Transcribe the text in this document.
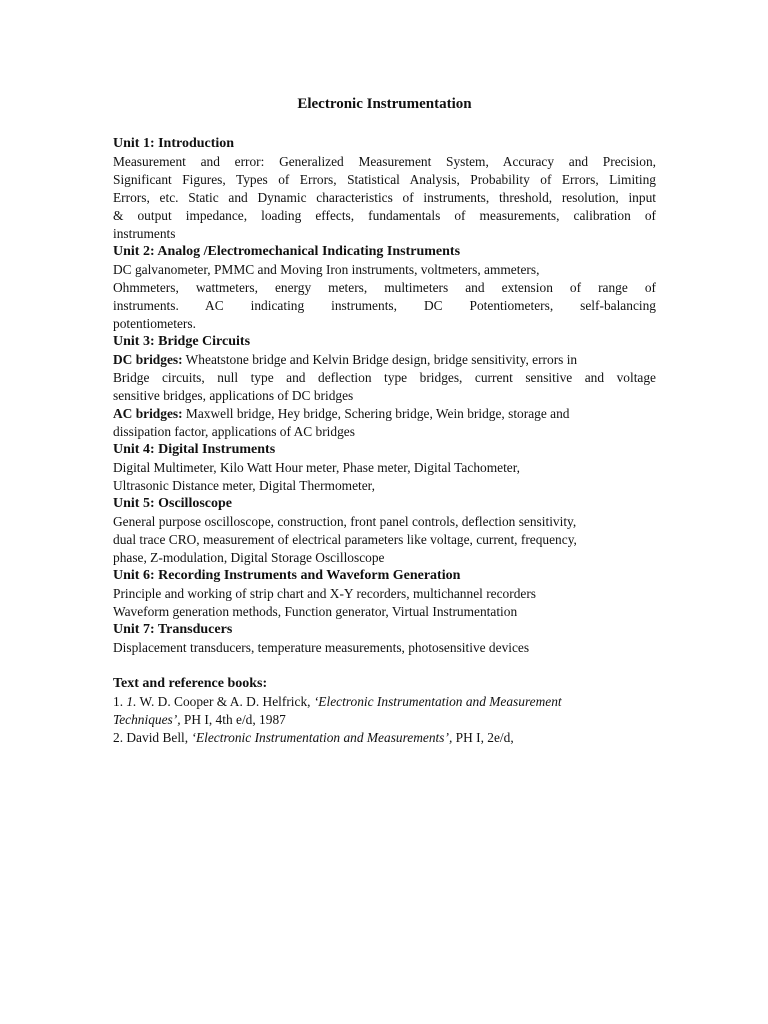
Electronic Instrumentation

Unit 1: Introduction

Measurement and error: Generalized Measurement System, Accuracy and Precision,
Significant Figures, Types of Errors, Statistical Analysis, Probability of Errors, Limiting
Errors, etc. Static and Dynamic characteristics of instruments, threshold, resolution, input
& output impedance, loading effects, fundamentals of measurements, calibration of
instruments

Unit 2: Analog /Electromechanical Indicating Instruments

DC galvanometer, PMMC and Moving Iron instruments, voltmeters, ammeters,
Ohmmeters, wattmeters, energy meters, multimeters and extension of range of
instruments. AC indicating instruments, DC Potentiometers, self-balancing
potentiometers.

Unit 3: Bridge Circuits

DC bridges: Wheatstone bridge and Kelvin Bridge design, bridge sensitivity, errors in
Bridge circuits, null type and deflection type bridges, current sensitive and voltage
sensitive bridges, applications of DC bridges

AC bridges: Maxwell bridge, Hey bridge, Schering bridge, Wein bridge, storage and
dissipation factor, applications of AC bridges

Unit 4: Digital Instruments

Digital Multimeter, Kilo Watt Hour meter, Phase meter, Digital Tachometer,
Ultrasonic Distance meter, Digital Thermometer,

Unit 5: Oscilloscope

General purpose oscilloscope, construction, front panel controls, deflection sensitivity,
dual trace CRO, measurement of electrical parameters like voltage, current, frequency,
phase, Z-modulation, Digital Storage Oscilloscope

Unit 6: Recording Instruments and Waveform Generation

Principle and working of strip chart and X-Y recorders, multichannel recorders
Waveform generation methods, Function generator, Virtual Instrumentation

Unit 7: Transducers

Displacement transducers, temperature measurements, photosensitive devices

Text and reference books:

1. 1. W. D. Cooper & A. D. Helfrick, ‘Electronic Instrumentation and Measurement
Techniques’, PH I, 4th e/d, 1987

2. David Bell, ‘Electronic Instrumentation and Measurements’, PH I, 2e/d,
